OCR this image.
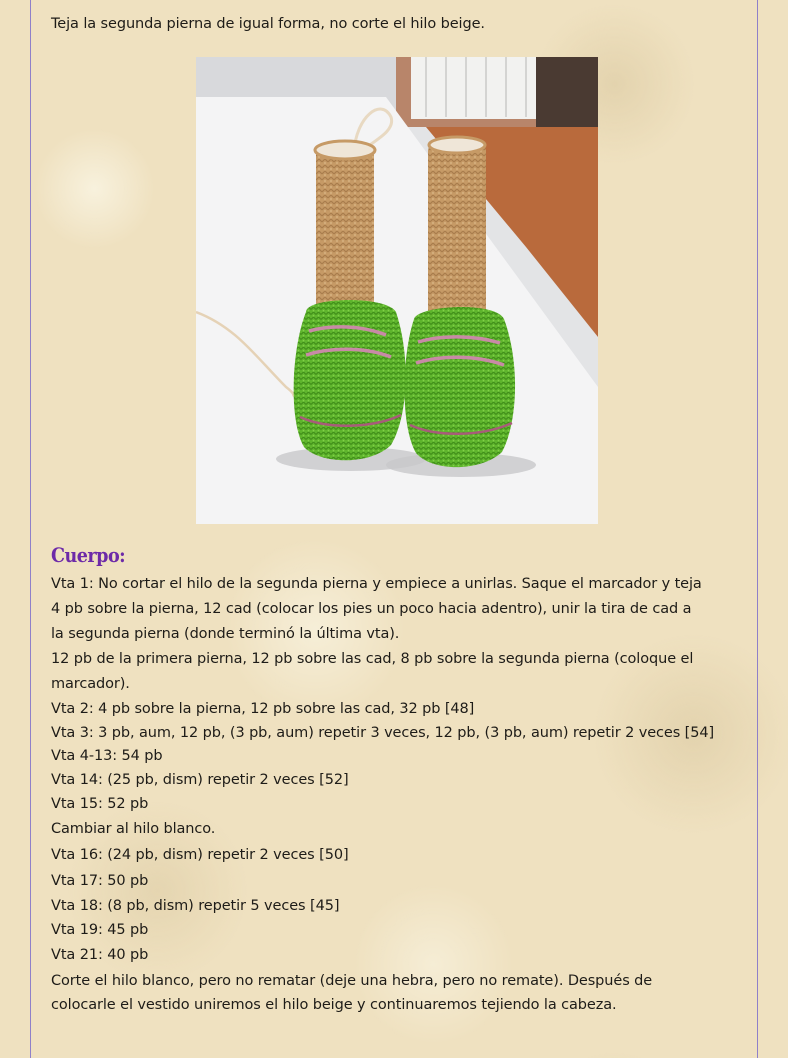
Teja la segunda pierna de igual forma, no corte el hilo beige.

Cuerpo:

Vta 1: No cortar el hilo de la segunda pierna y empiece a unirlas. Saque el marcador y teja

4 pb sobre la pierna, 12 cad (colocar los pies un poco hacia adentro), unir la tira de cad a

la segunda pierna (donde terminó la última vta).

12 pb de la primera pierna, 12 pb sobre las cad, 8 pb sobre la segunda pierna (coloque el

marcador).

Vta 2: 4 pb sobre la pierna, 12 pb sobre las cad, 32 pb [48]

Vta 3: 3 pb, aum, 12 pb, (3 pb, aum) repetir 3 veces, 12 pb, (3 pb, aum) repetir 2 veces [54]

Vta 4-13: 54 pb

Vta 14: (25 pb, dism) repetir 2 veces [52]

Vta 15: 52 pb

Cambiar al hilo blanco.

Vta 16: (24 pb, dism) repetir 2 veces [50]

Vta 17: 50 pb

Vta 18: (8 pb, dism) repetir 5 veces [45]

Vta 19: 45 pb

Vta 21: 40 pb

Corte el hilo blanco, pero no rematar (deje una hebra, pero no remate). Después de

colocarle el vestido uniremos el hilo beige y continuaremos tejiendo la cabeza.
